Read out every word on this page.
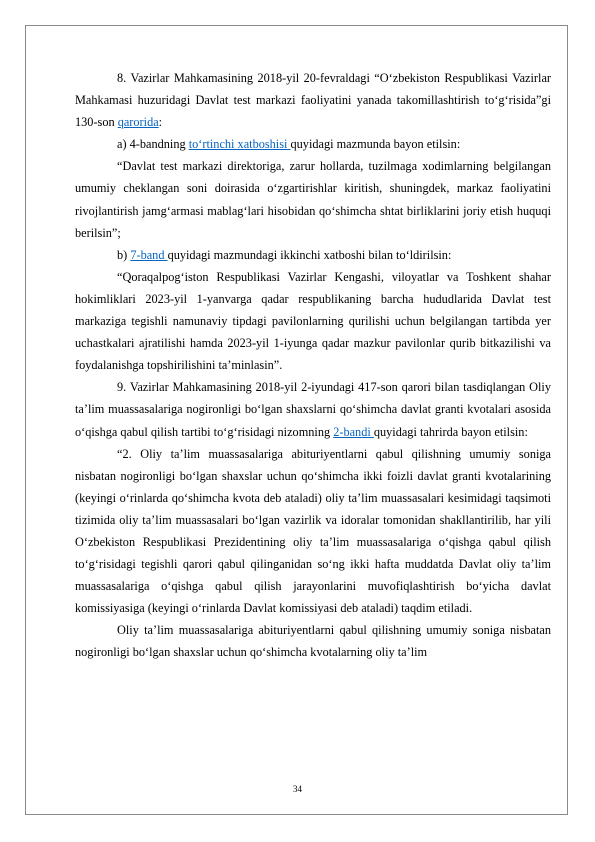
8. Vazirlar Mahkamasining 2018-yil 20-fevraldagi “O‘zbekiston Respublikasi Vazirlar Mahkamasi huzuridagi Davlat test markazi faoliyatini yanada takomillashtirish to‘g‘risida”gi 130-son qarorida:

a) 4-bandning to‘rtinchi xatboshisi quyidagi mazmunda bayon etilsin:

“Davlat test markazi direktoriga, zarur hollarda, tuzilmaga xodimlarning belgilangan umumiy cheklangan soni doirasida o‘zgartirishlar kiritish, shuningdek, markaz faoliyatini rivojlantirish jamg‘armasi mablag‘lari hisobidan qo‘shimcha shtat birliklarini joriy etish huquqi berilsin”;

b) 7-band quyidagi mazmundagi ikkinchi xatboshi bilan to‘ldirilsin:

“Qoraqalpog‘iston Respublikasi Vazirlar Kengashi, viloyatlar va Toshkent shahar hokimliklari 2023-yil 1-yanvarga qadar respublikaning barcha hududlarida Davlat test markaziga tegishli namunaviy tipdagi pavilonlarning qurilishi uchun belgilangan tartibda yer uchastkalari ajratilishi hamda 2023-yil 1-iyunga qadar mazkur pavilonlar qurib bitkazilishi va foydalanishga topshirilishini ta’minlasin”.

9. Vazirlar Mahkamasining 2018-yil 2-iyundagi 417-son qarori bilan tasdiqlangan Oliy ta’lim muassasalariga nogironligi bo‘lgan shaxslarni qo‘shimcha davlat granti kvotalari asosida o‘qishga qabul qilish tartibi to‘g‘risidagi nizomning 2-bandi quyidagi tahrirda bayon etilsin:

“2. Oliy ta’lim muassasalariga abituriyentlarni qabul qilishning umumiy soniga nisbatan nogironligi bo‘lgan shaxslar uchun qo‘shimcha ikki foizli davlat granti kvotalarining (keyingi o‘rinlarda qo‘shimcha kvota deb ataladi) oliy ta’lim muassasalari kesimidagi taqsimoti tizimida oliy ta’lim muassasalari bo‘lgan vazirlik va idoralar tomonidan shakllantirilib, har yili O‘zbekiston Respublikasi Prezidentining oliy ta’lim muassasalariga o‘qishga qabul qilish to‘g‘risidagi tegishli qarori qabul qilinganidan so‘ng ikki hafta muddatda Davlat oliy ta’lim muassasalariga o‘qishga qabul qilish jarayonlarini muvofiqlashtirish bo‘yicha davlat komissiyasiga (keyingi o‘rinlarda Davlat komissiyasi deb ataladi) taqdim etiladi.

Oliy ta’lim muassasalariga abituriyentlarni qabul qilishning umumiy soniga nisbatan nogironligi bo‘lgan shaxslar uchun qo‘shimcha kvotalarning oliy ta’lim

34
